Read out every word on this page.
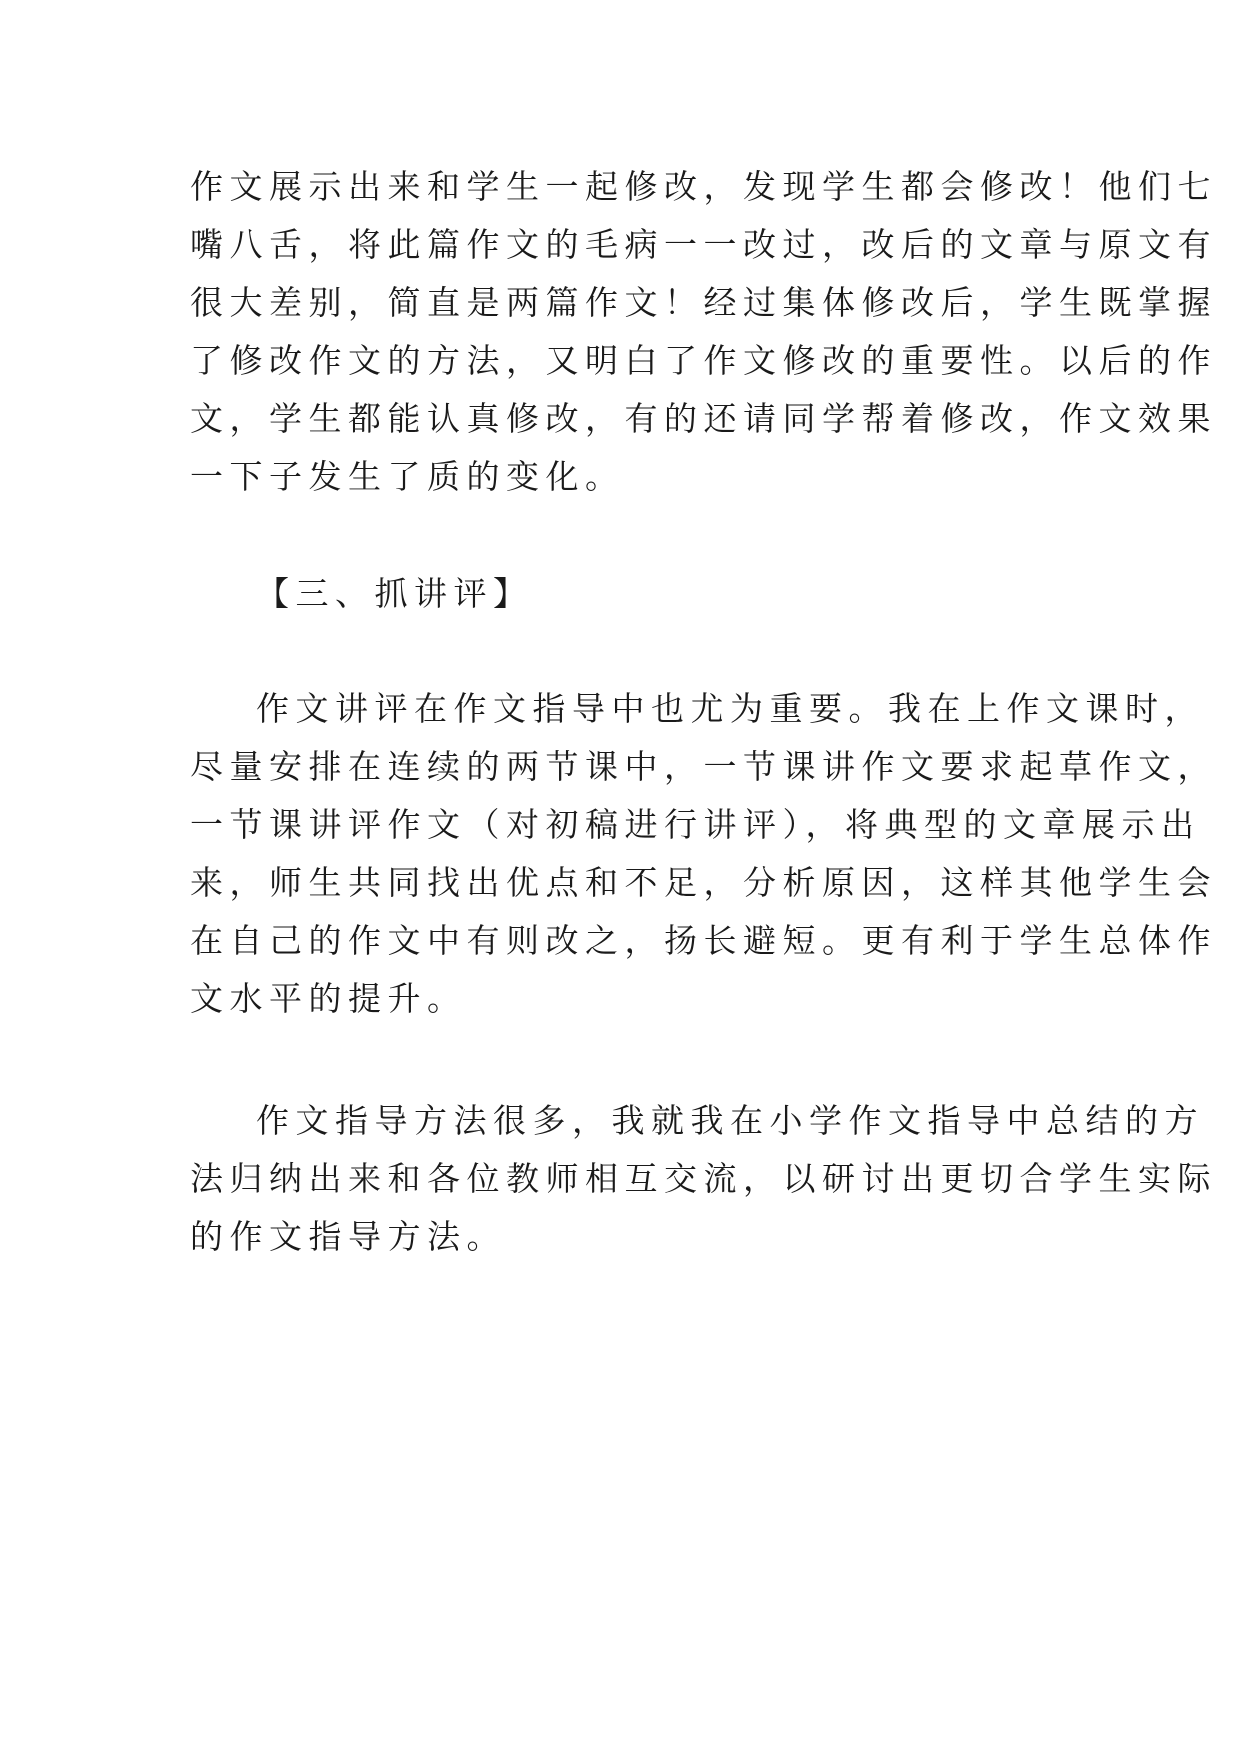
作文展示出来和学生一起修改，发现学生都会修改！他们七
嘴八舌，将此篇作文的毛病一一改过，改后的文章与原文有
很大差别，简直是两篇作文！经过集体修改后，学生既掌握
了修改作文的方法，又明白了作文修改的重要性。以后的作
文，学生都能认真修改，有的还请同学帮着修改，作文效果
一下子发生了质的变化。
【三、抓讲评】
作文讲评在作文指导中也尤为重要。我在上作文课时，
尽量安排在连续的两节课中，一节课讲作文要求起草作文，
一节课讲评作文（对初稿进行讲评），将典型的文章展示出
来，师生共同找出优点和不足，分析原因，这样其他学生会
在自己的作文中有则改之，扬长避短。更有利于学生总体作
文水平的提升。
作文指导方法很多，我就我在小学作文指导中总结的方
法归纳出来和各位教师相互交流，以研讨出更切合学生实际
的作文指导方法。
